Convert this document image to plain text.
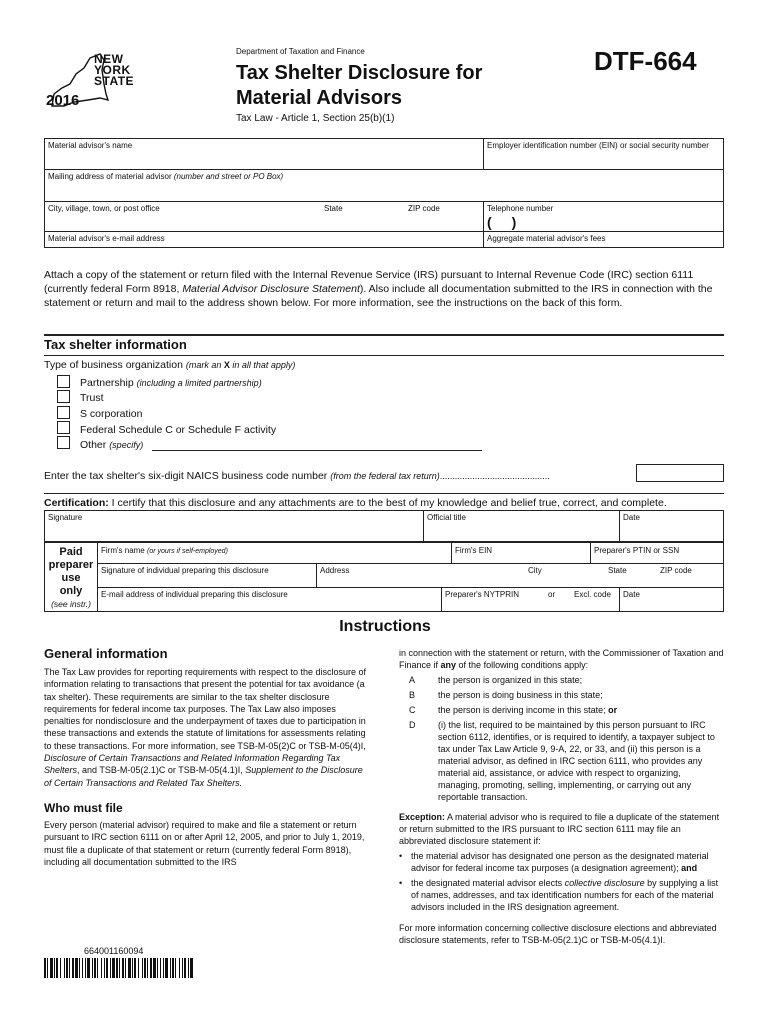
NEW
YORK
STATE
2016
Department of Taxation and Finance
Tax Shelter Disclosure for
Material Advisors
DTF-664
Tax Law - Article 1, Section 25(b)(1)
Material advisor's name	Employer identification number (EIN) or social security number
Mailing address of material advisor (number and street or PO Box)
City, village, town, or post office	State	ZIP code	Telephone number
( )
Material advisor's e-mail address	Aggregate material advisor's fees
Attach a copy of the statement or return filed with the Internal Revenue Service (IRS) pursuant to Internal Revenue Code (IRC) section 6111 (currently federal Form 8918, Material Advisor Disclosure Statement). Also include all documentation submitted to the IRS in connection with the statement or return and mail to the address shown below. For more information, see the instructions on the back of this form.
Tax shelter information
Type of business organization (mark an X in all that apply)
Partnership (including a limited partnership)
Trust
S corporation
Federal Schedule C or Schedule F activity
Other (specify)
Enter the tax shelter's six-digit NAICS business code number (from the federal tax return)............................................
Certification: I certify that this disclosure and any attachments are to the best of my knowledge and belief true, correct, and complete.
Signature	Official title	Date
Paid
preparer
use
only
(see instr.)
Firm's name (or yours if self-employed)	Firm's EIN	Preparer's PTIN or SSN
Signature of individual preparing this disclosure	Address	City	State	ZIP code
E-mail address of individual preparing this disclosure	Preparer's NYTPRIN	or	Excl. code	Date
Instructions
General information
The Tax Law provides for reporting requirements with respect to the disclosure of information relating to transactions that present the potential for tax avoidance (a tax shelter). These requirements are similar to the tax shelter disclosure requirements for federal income tax purposes. The Tax Law also imposes penalties for nondisclosure and the underpayment of taxes due to participation in these transactions and extends the statute of limitations for assessments relating to these transactions. For more information, see TSB-M-05(2)C or TSB-M-05(4)I, Disclosure of Certain Transactions and Related Information Regarding Tax Shelters, and TSB-M-05(2.1)C or TSB-M-05(4.1)I, Supplement to the Disclosure of Certain Transactions and Related Tax Shelters.
Who must file
Every person (material advisor) required to make and file a statement or return pursuant to IRC section 6111 on or after April 12, 2005, and prior to July 1, 2019, must file a duplicate of that statement or return (currently federal Form 8918), including all documentation submitted to the IRS
in connection with the statement or return, with the Commissioner of Taxation and Finance if any of the following conditions apply:
A	the person is organized in this state;
B	the person is doing business in this state;
C	the person is deriving income in this state; or
D	(i) the list, required to be maintained by this person pursuant to IRC section 6112, identifies, or is required to identify, a taxpayer subject to tax under Tax Law Article 9, 9-A, 22, or 33, and (ii) this person is a material advisor, as defined in IRC section 6111, who provides any material aid, assistance, or advice with respect to organizing, managing, promoting, selling, implementing, or carrying out any reportable transaction.
Exception: A material advisor who is required to file a duplicate of the statement or return submitted to the IRS pursuant to IRC section 6111 may file an abbreviated disclosure statement if:
• the material advisor has designated one person as the designated material advisor for federal income tax purposes (a designation agreement); and
• the designated material advisor elects collective disclosure by supplying a list of names, addresses, and tax identification numbers for each of the material advisors included in the IRS designation agreement.
For more information concerning collective disclosure elections and abbreviated disclosure statements, refer to TSB-M-05(2.1)C or TSB-M-05(4.1)I.
664001160094
